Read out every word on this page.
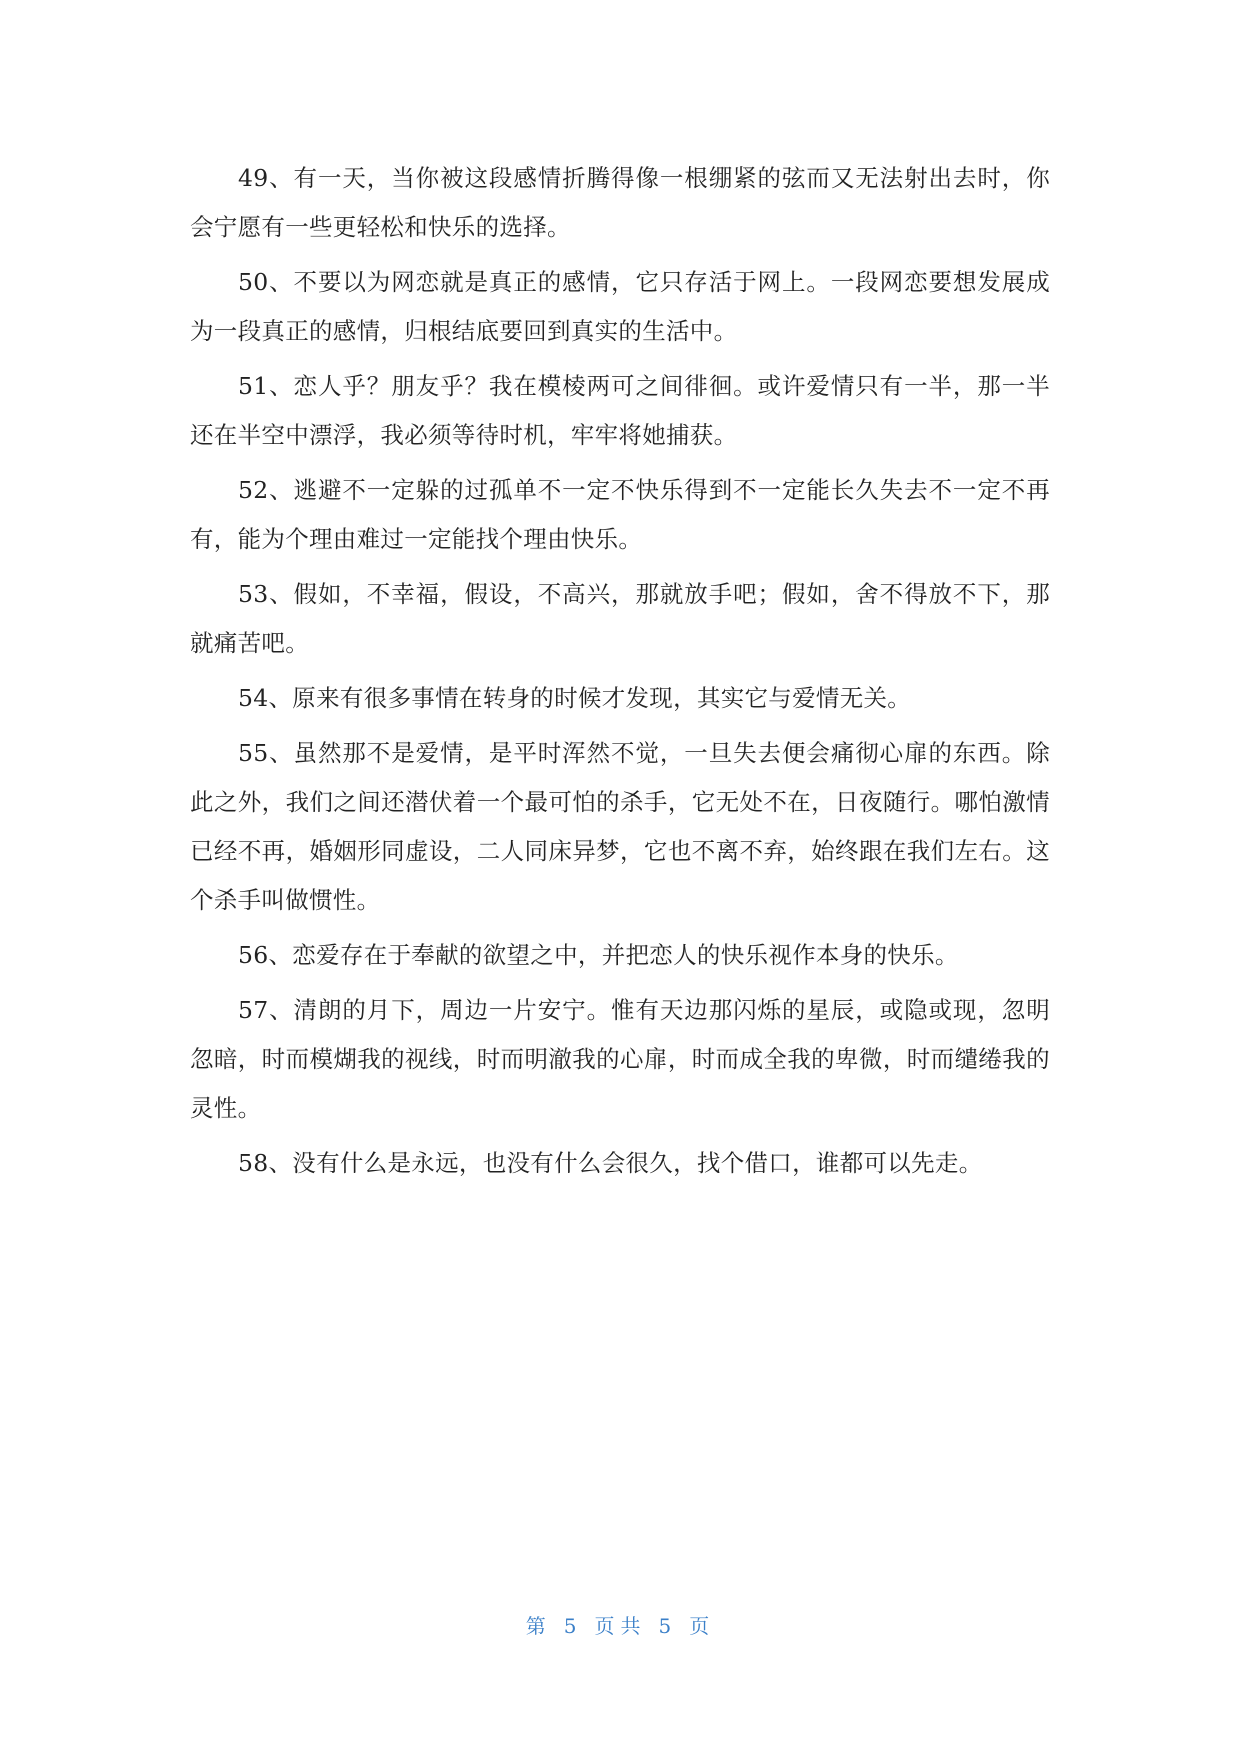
49、有一天，当你被这段感情折腾得像一根绷紧的弦而又无法射出去时，你会宁愿有一些更轻松和快乐的选择。

50、不要以为网恋就是真正的感情，它只存活于网上。一段网恋要想发展成为一段真正的感情，归根结底要回到真实的生活中。

51、恋人乎？朋友乎？我在模棱两可之间徘徊。或许爱情只有一半，那一半还在半空中漂浮，我必须等待时机，牢牢将她捕获。

52、逃避不一定躲的过孤单不一定不快乐得到不一定能长久失去不一定不再有，能为个理由难过一定能找个理由快乐。

53、假如，不幸福，假设，不高兴，那就放手吧；假如，舍不得放不下，那就痛苦吧。

54、原来有很多事情在转身的时候才发现，其实它与爱情无关。

55、虽然那不是爱情，是平时浑然不觉，一旦失去便会痛彻心扉的东西。除此之外，我们之间还潜伏着一个最可怕的杀手，它无处不在，日夜随行。哪怕激情已经不再，婚姻形同虚设，二人同床异梦，它也不离不弃，始终跟在我们左右。这个杀手叫做惯性。

56、恋爱存在于奉献的欲望之中，并把恋人的快乐视作本身的快乐。

57、清朗的月下，周边一片安宁。惟有天边那闪烁的星辰，或隐或现，忽明忽暗，时而模煳我的视线，时而明澈我的心扉，时而成全我的卑微，时而缱绻我的灵性。

58、没有什么是永远，也没有什么会很久，找个借口，谁都可以先走。

第 5 页共 5 页
